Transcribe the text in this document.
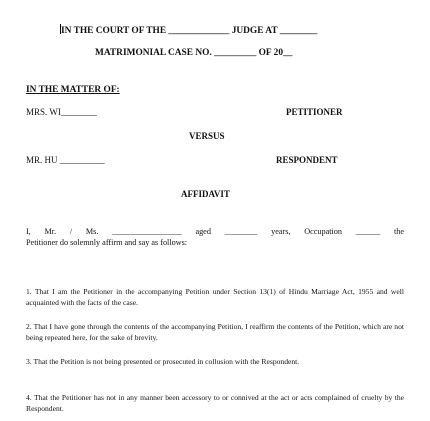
IN THE COURT OF THE _____________ JUDGE AT ________
MATRIMONIAL CASE NO. _________ OF 20__
IN THE MATTER OF:
MRS. WI________	PETITIONER
VERSUS
MR. HU __________	RESPONDENT
AFFIDAVIT
I, Mr. / Ms. _________________ aged ________ years, Occupation ______ the
Petitioner do solemnly affirm and say as follows:
1. That I am the Petitioner in the accompanying Petition under Section 13(1) of Hindu Marriage Act, 1955 and well acquainted with the facts of the case.
2. That I have gone through the contents of the accompanying Petition, I reaffirm the contents of the Petition, which are not being repeated here, for the sake of brevity.
3. That the Petition is not being presented or prosecuted in collusion with the Respondent.
4. That the Petitioner has not in any manner been accessory to or connived at the act or acts complained of cruelty by the Respondent.
